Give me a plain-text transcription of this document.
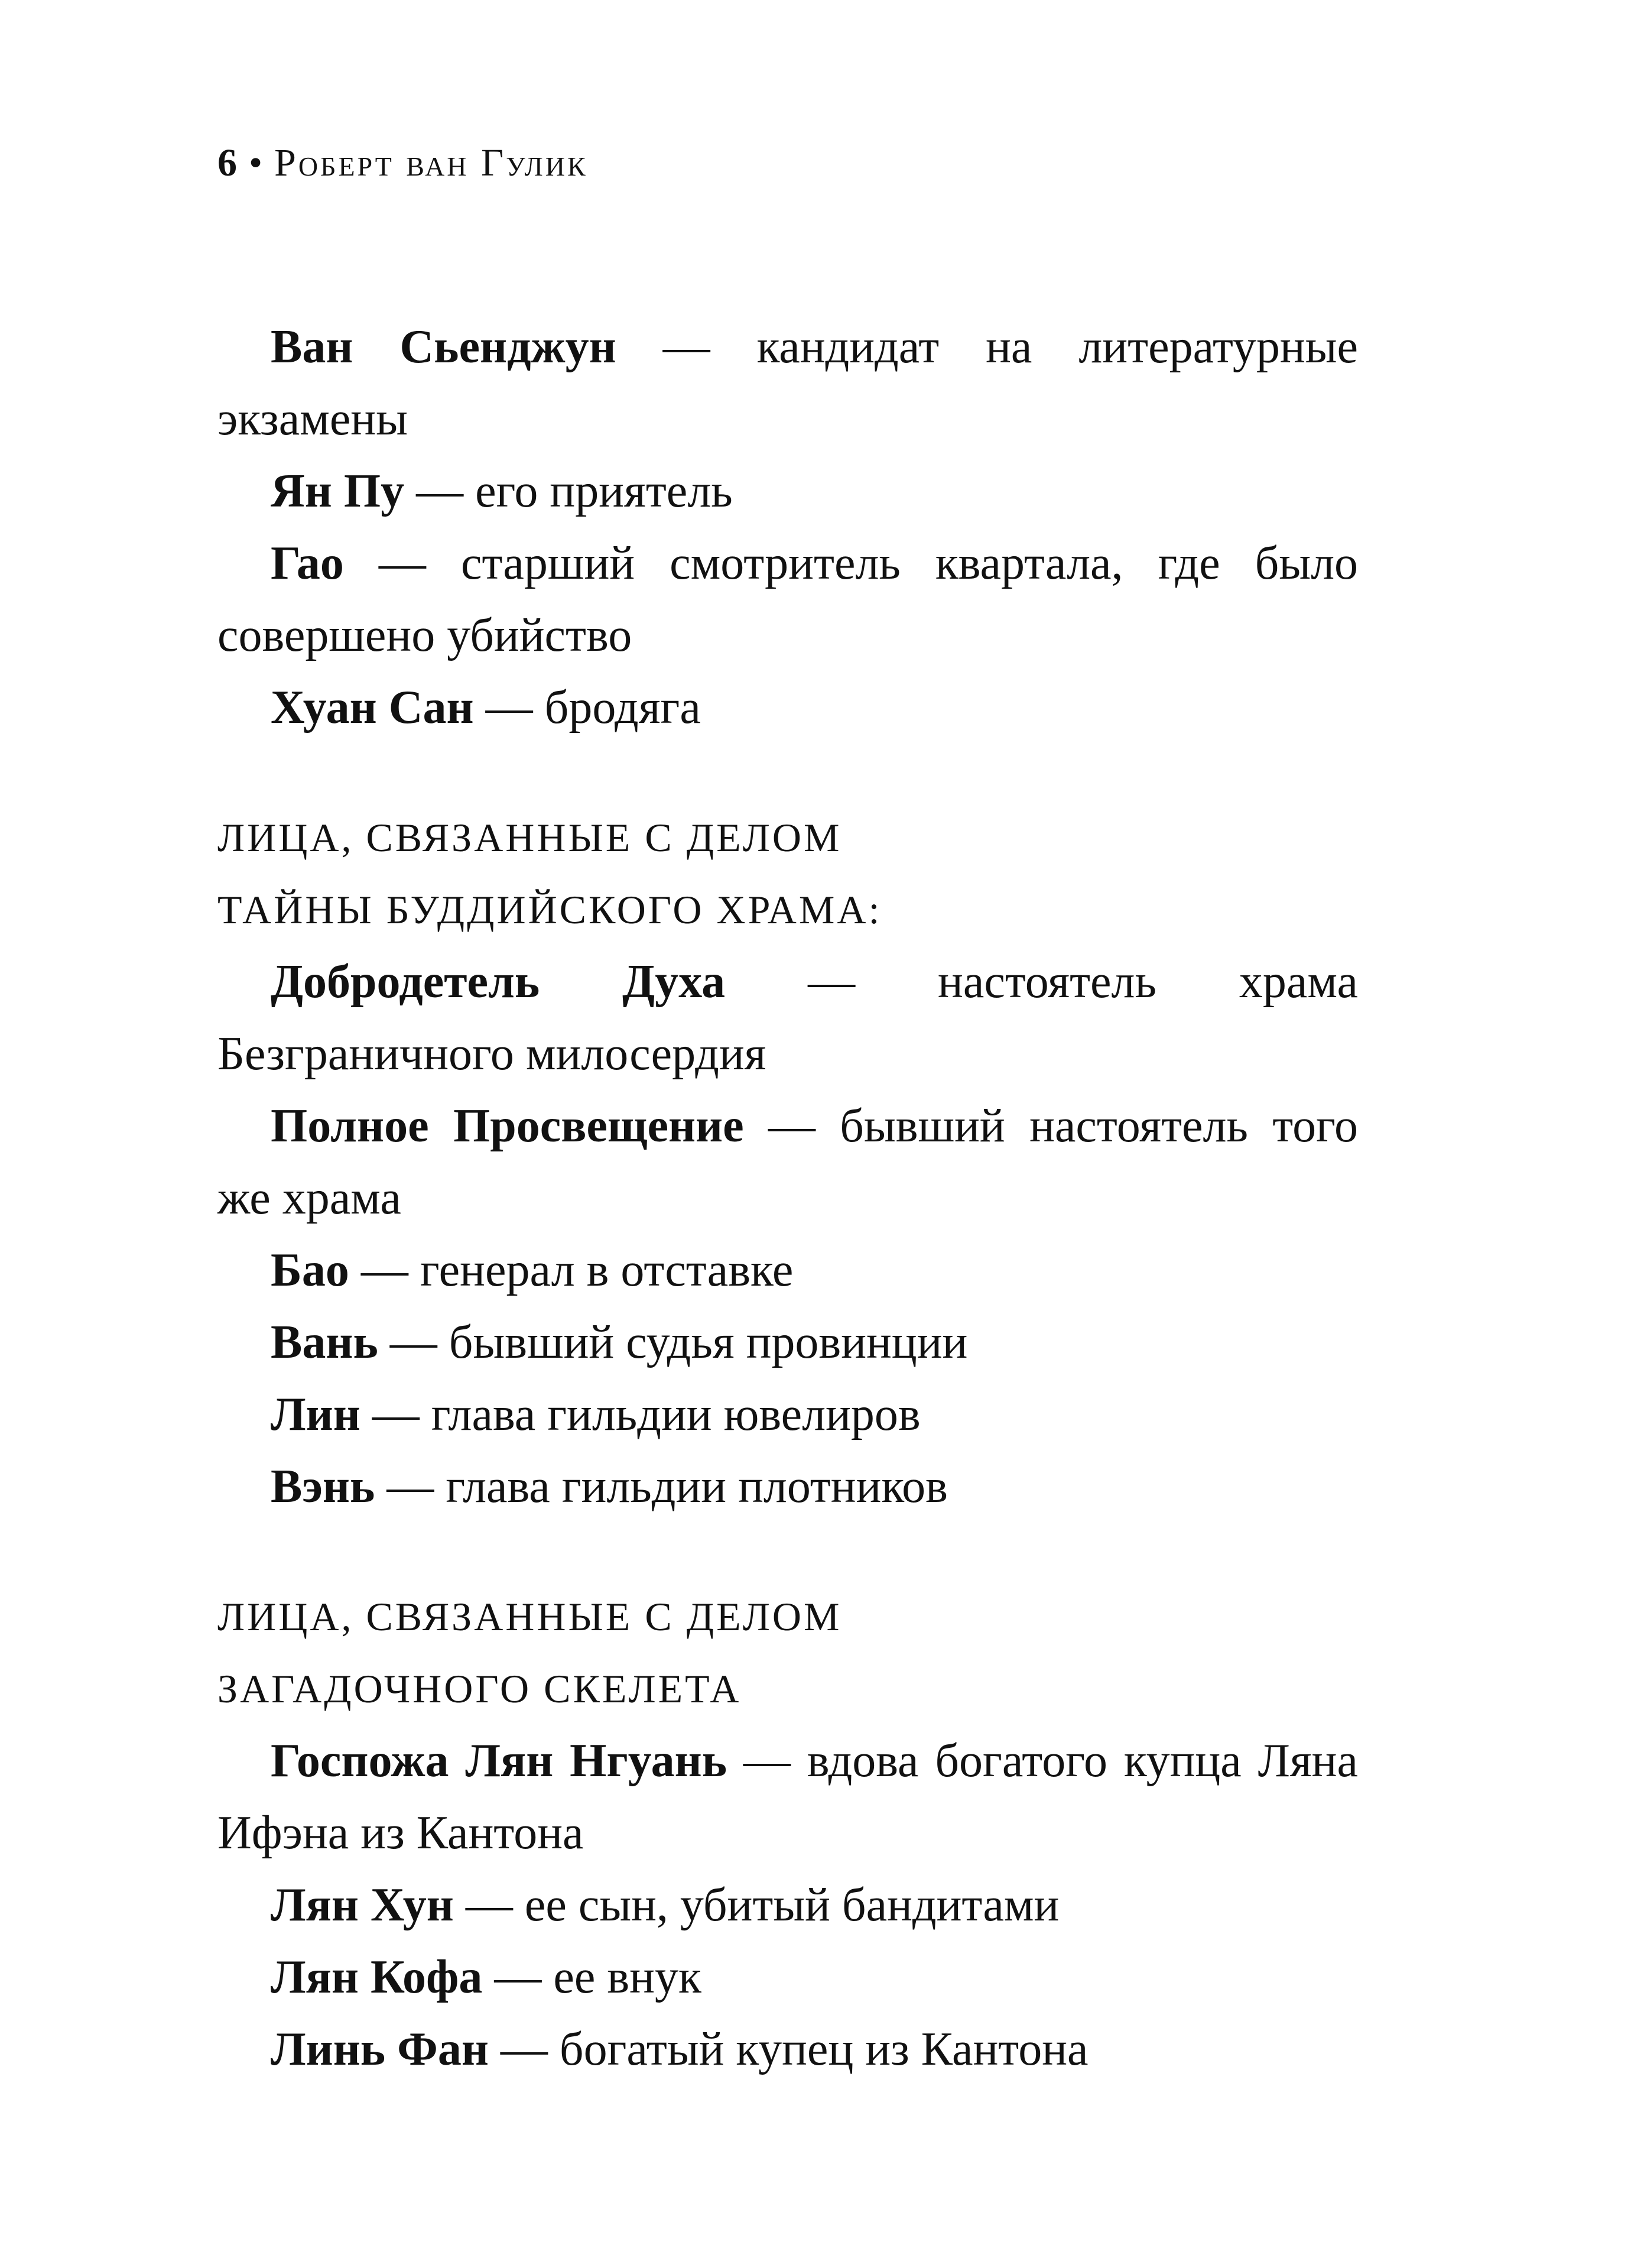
6 • Роберт ван Гулик

Ван Сьенджун — кандидат на литературные экзамены

Ян Пу — его приятель

Гао — старший смотритель квартала, где было совершено убийство

Хуан Сан — бродяга

ЛИЦА, СВЯЗАННЫЕ С ДЕЛОМ
ТАЙНЫ БУДДИЙСКОГО ХРАМА:

Добродетель Духа — настоятель храма Безграничного милосердия

Полное Просвещение — бывший настоятель того же храма

Бао — генерал в отставке

Вань — бывший судья провинции

Лин — глава гильдии ювелиров

Вэнь — глава гильдии плотников

ЛИЦА, СВЯЗАННЫЕ С ДЕЛОМ
ЗАГАДОЧНОГО СКЕЛЕТА

Госпожа Лян Нгуань — вдова богатого купца Ляна Ифэна из Кантона

Лян Хун — ее сын, убитый бандитами

Лян Кофа — ее внук

Линь Фан — богатый купец из Кантона
